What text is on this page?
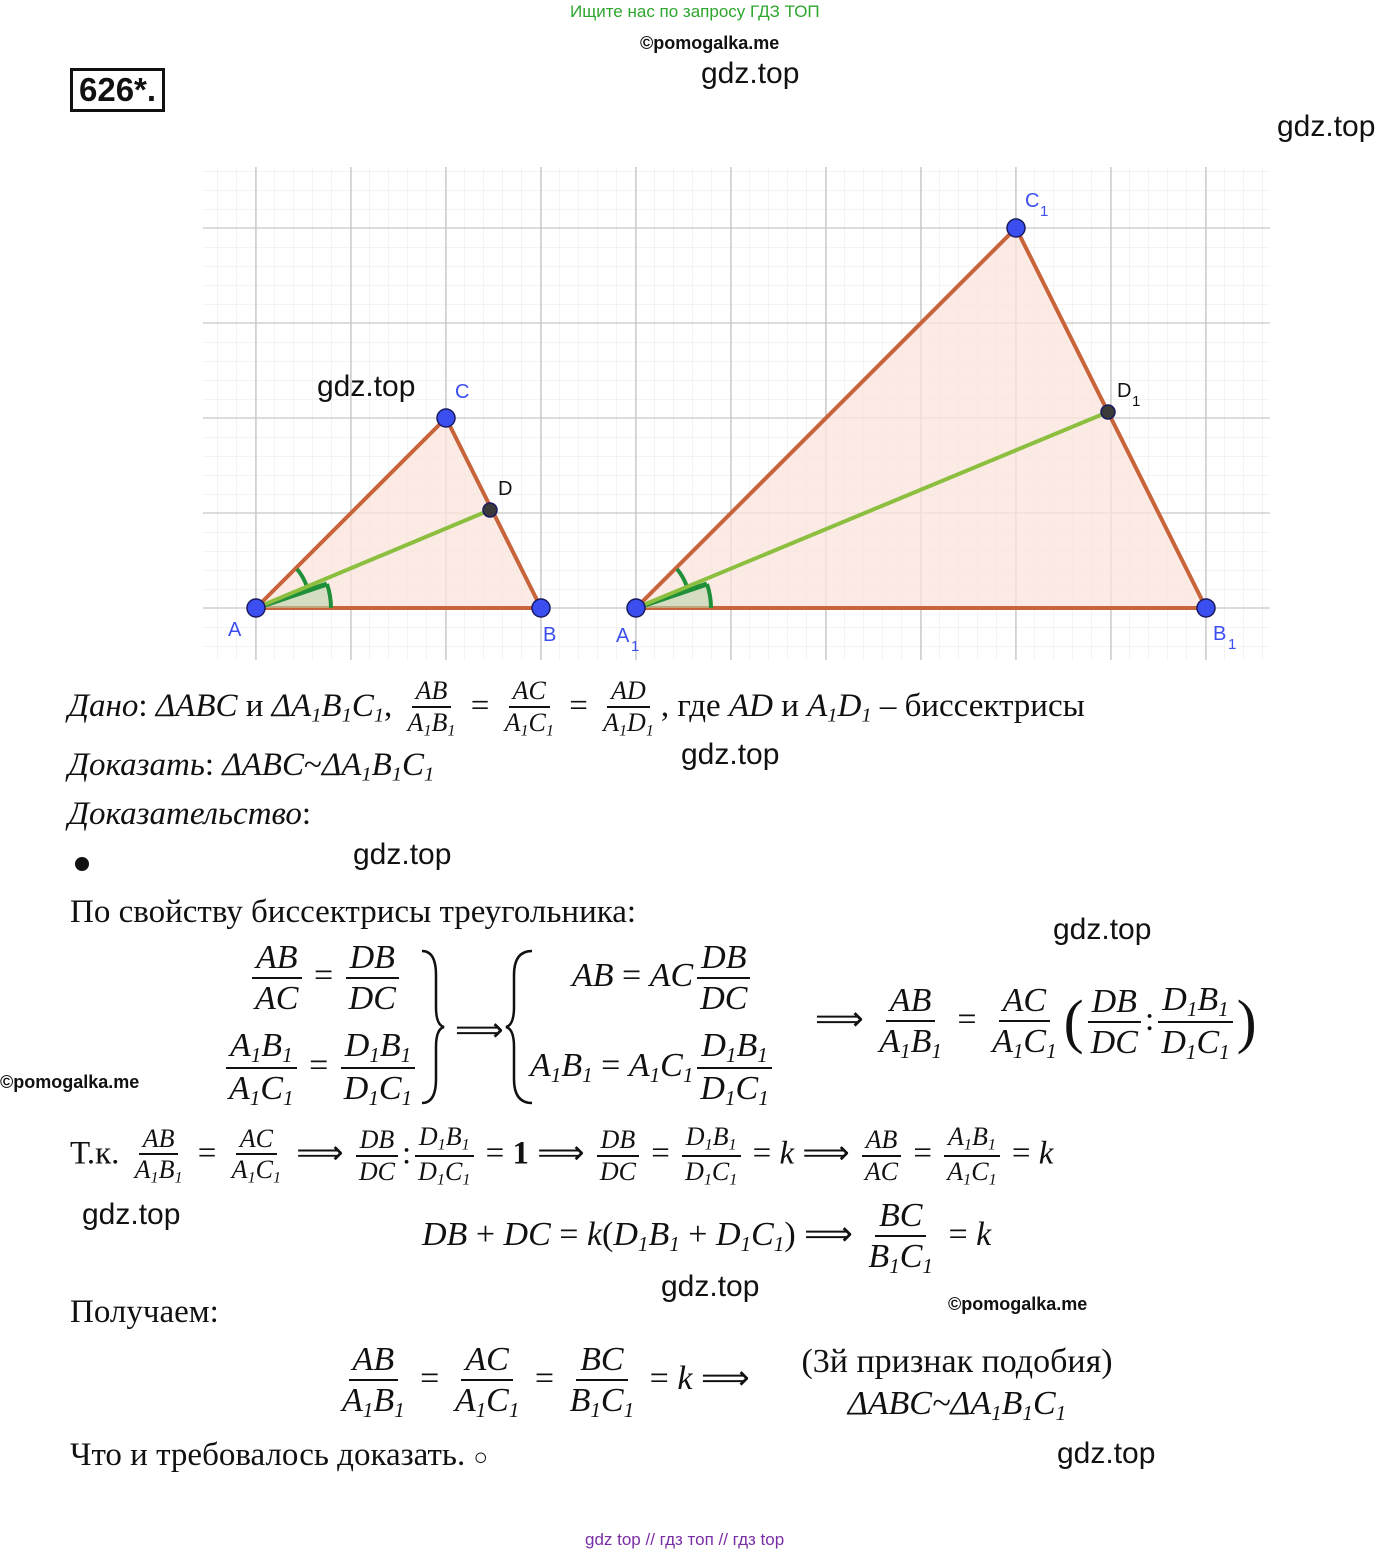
Ищите нас по запросу ГДЗ ТОП
©pomogalka.me
gdz.top
gdz.top
626*.
A	B
C
A 1
B 1
C 1
D
D 1
gdz.top
Дано: ΔABC и $\Delta A_1B_1C_1$, $\frac{AB}{A_1B_1} = \frac{AC}{A_1C_1} = \frac{AD}{A_1D_1}$ , где AD и $A_1D_1$ – биссектрисы
gdz.top
Доказать: $\Delta ABC\sim\Delta A_1B_1C_1$
Доказательство:
gdz.top
По свойству биссектрисы треугольника:	gdz.top
$\frac{AB}{AC} = \frac{DB}{DC}$
$\frac{A_1B_1}{A_1C_1} = \frac{D_1B_1}{D_1C_1}$ ⟹
AB = AC $\frac{DB}{DC}$
$A_1B_1 = A_1C_1 \frac{D_1B_1}{D_1C_1}$
⟹ $\frac{AB}{A_1B_1} = \frac{AC}{A_1C_1}$ ( $\frac{DB}{DC}$ : $\frac{D_1B_1}{D_1C_1}$ )
©pomogalka.me
Т.к. $\frac{AB}{A_1B_1} = \frac{AC}{A_1C_1}$ ⟹ $\frac{DB}{DC}$ : $\frac{D_1B_1}{D_1C_1} = 1$ ⟹ $\frac{DB}{DC} = \frac{D_1B_1}{D_1C_1} = k$ ⟹ $\frac{AB}{AC} = \frac{A_1B_1}{A_1C_1} = k$
gdz.top
DB + DC = $k(D_1B_1 + D_1C_1)$ ⟹ $\frac{BC}{B_1C_1} = k$
gdz.top
©pomogalka.me
Получаем:
$\frac{AB}{A_1B_1} = \frac{AC}{A_1C_1} = \frac{BC}{B_1C_1} = k$ ⟹	(3й признак подобия)
$\Delta ABC\sim\Delta A_1B_1C_1$
Что и требовалось доказать. ○	gdz.top
gdz top // гдз топ // гдз top
